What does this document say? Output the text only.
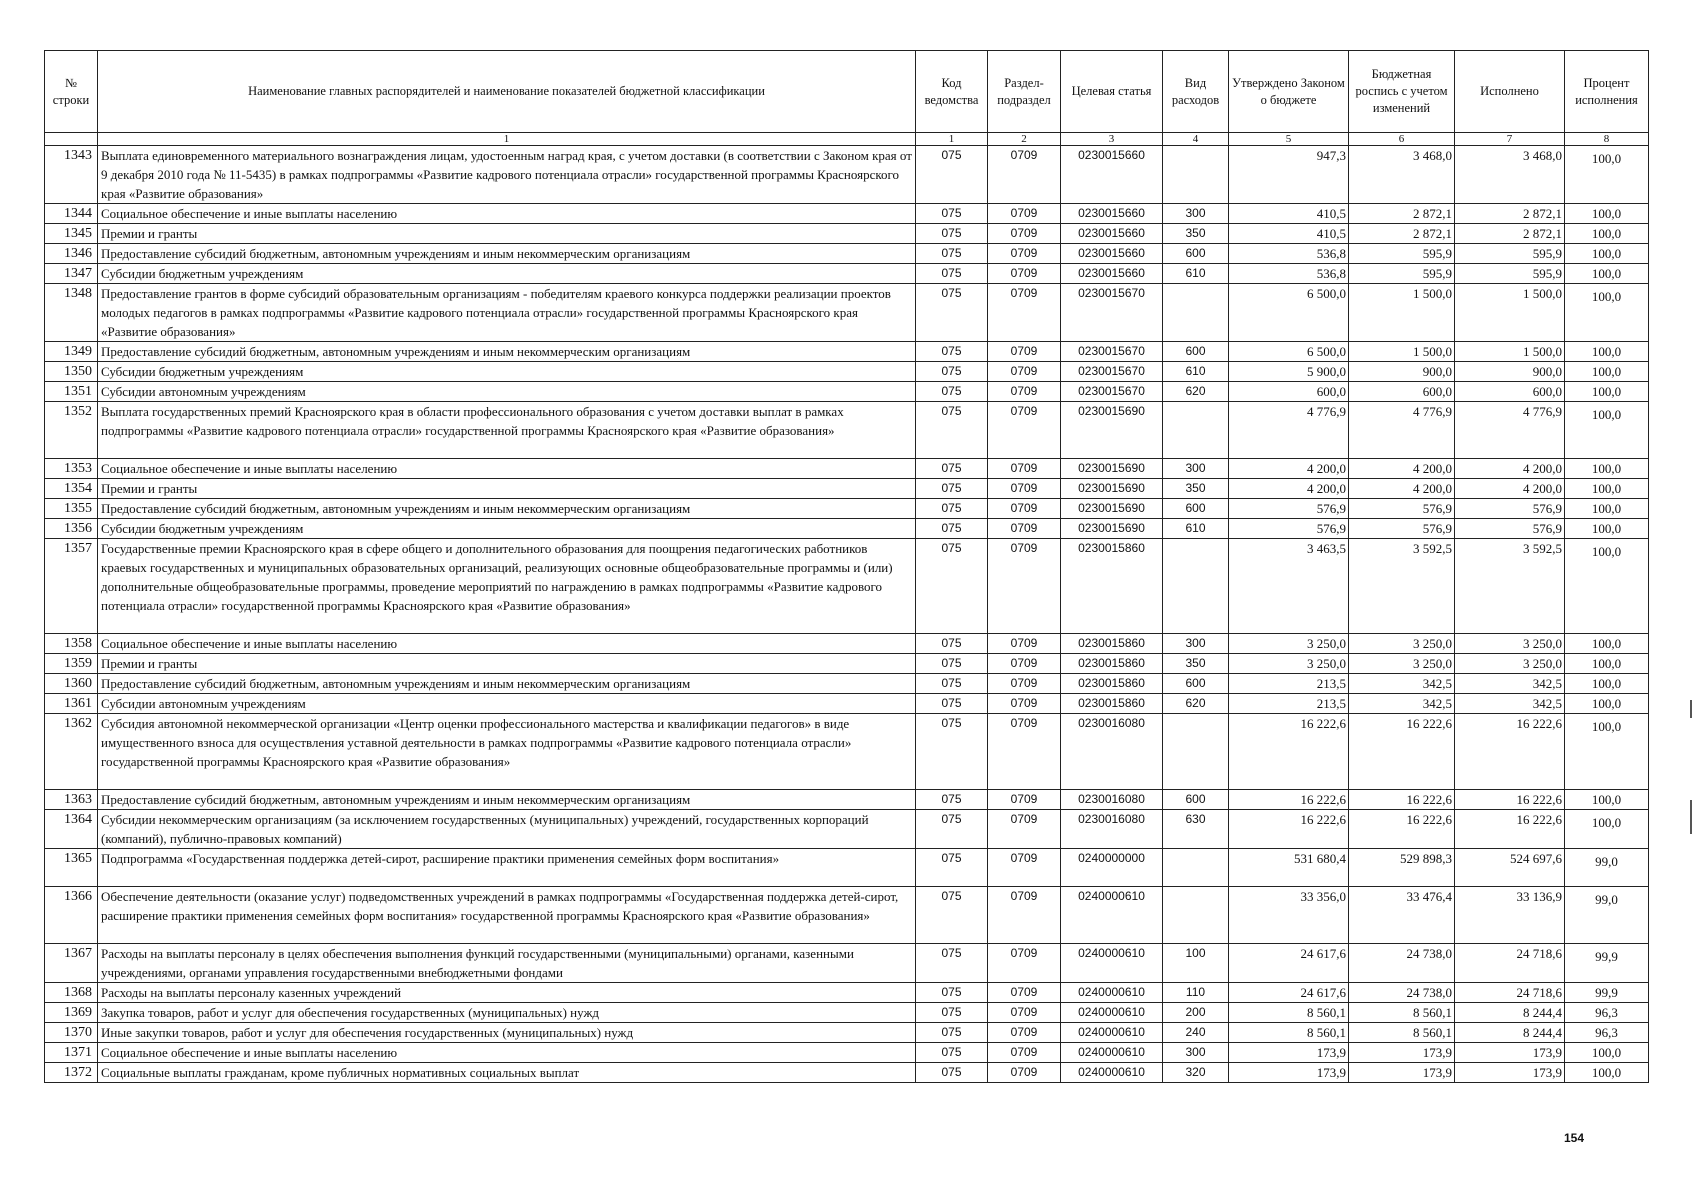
№ строки	Наименование главных распорядителей и наименование показателей бюджетной классификации	Код ведомства	Раздел-подраздел	Целевая статья	Вид расходов	Утверждено Законом о бюджете	Бюджетная роспись с учетом изменений	Исполнено	Процент исполнения
	1	1	2	3	4	5	6	7	8
1343	Выплата единовременного материального вознаграждения лицам, удостоенным наград края, с учетом доставки (в соответствии с Законом края от 9 декабря 2010 года № 11-5435) в рамках подпрограммы «Развитие кадрового потенциала отрасли» государственной программы Красноярского края «Развитие образования»	075	0709	0230015660		947,3	3 468,0	3 468,0	100,0
1344	Социальное обеспечение и иные выплаты населению	075	0709	0230015660	300	410,5	2 872,1	2 872,1	100,0
1345	Премии и гранты	075	0709	0230015660	350	410,5	2 872,1	2 872,1	100,0
1346	Предоставление субсидий бюджетным, автономным учреждениям и иным некоммерческим организациям	075	0709	0230015660	600	536,8	595,9	595,9	100,0
1347	Субсидии бюджетным учреждениям	075	0709	0230015660	610	536,8	595,9	595,9	100,0
1348	Предоставление грантов в форме субсидий образовательным организациям - победителям краевого конкурса поддержки реализации проектов молодых педагогов в рамках подпрограммы «Развитие кадрового потенциала отрасли» государственной программы Красноярского края «Развитие образования»	075	0709	0230015670		6 500,0	1 500,0	1 500,0	100,0
1349	Предоставление субсидий бюджетным, автономным учреждениям и иным некоммерческим организациям	075	0709	0230015670	600	6 500,0	1 500,0	1 500,0	100,0
1350	Субсидии бюджетным учреждениям	075	0709	0230015670	610	5 900,0	900,0	900,0	100,0
1351	Субсидии автономным учреждениям	075	0709	0230015670	620	600,0	600,0	600,0	100,0
1352	Выплата государственных премий Красноярского края в области профессионального образования с учетом доставки выплат в рамках подпрограммы «Развитие кадрового потенциала отрасли» государственной программы Красноярского края «Развитие образования»	075	0709	0230015690		4 776,9	4 776,9	4 776,9	100,0
1353	Социальное обеспечение и иные выплаты населению	075	0709	0230015690	300	4 200,0	4 200,0	4 200,0	100,0
1354	Премии и гранты	075	0709	0230015690	350	4 200,0	4 200,0	4 200,0	100,0
1355	Предоставление субсидий бюджетным, автономным учреждениям и иным некоммерческим организациям	075	0709	0230015690	600	576,9	576,9	576,9	100,0
1356	Субсидии бюджетным учреждениям	075	0709	0230015690	610	576,9	576,9	576,9	100,0
1357	Государственные премии Красноярского края в сфере общего и дополнительного образования для поощрения педагогических работников краевых государственных и муниципальных образовательных организаций, реализующих основные общеобразовательные программы и (или) дополнительные общеобразовательные программы, проведение мероприятий по награждению в рамках подпрограммы «Развитие кадрового потенциала отрасли» государственной программы Красноярского края «Развитие образования»	075	0709	0230015860		3 463,5	3 592,5	3 592,5	100,0
1358	Социальное обеспечение и иные выплаты населению	075	0709	0230015860	300	3 250,0	3 250,0	3 250,0	100,0
1359	Премии и гранты	075	0709	0230015860	350	3 250,0	3 250,0	3 250,0	100,0
1360	Предоставление субсидий бюджетным, автономным учреждениям и иным некоммерческим организациям	075	0709	0230015860	600	213,5	342,5	342,5	100,0
1361	Субсидии автономным учреждениям	075	0709	0230015860	620	213,5	342,5	342,5	100,0
1362	Субсидия автономной некоммерческой организации «Центр оценки профессионального мастерства и квалификации педагогов» в виде имущественного взноса для осуществления уставной деятельности в рамках подпрограммы «Развитие кадрового потенциала отрасли» государственной программы Красноярского края «Развитие образования»	075	0709	0230016080		16 222,6	16 222,6	16 222,6	100,0
1363	Предоставление субсидий бюджетным, автономным учреждениям и иным некоммерческим организациям	075	0709	0230016080	600	16 222,6	16 222,6	16 222,6	100,0
1364	Субсидии некоммерческим организациям (за исключением государственных (муниципальных) учреждений, государственных корпораций (компаний), публично-правовых компаний)	075	0709	0230016080	630	16 222,6	16 222,6	16 222,6	100,0
1365	Подпрограмма «Государственная поддержка детей-сирот, расширение практики применения семейных форм воспитания»	075	0709	0240000000		531 680,4	529 898,3	524 697,6	99,0
1366	Обеспечение деятельности (оказание услуг) подведомственных учреждений в рамках подпрограммы «Государственная поддержка детей-сирот, расширение практики применения семейных форм воспитания» государственной программы Красноярского края «Развитие образования»	075	0709	0240000610		33 356,0	33 476,4	33 136,9	99,0
1367	Расходы на выплаты персоналу в целях обеспечения выполнения функций государственными (муниципальными) органами, казенными учреждениями, органами управления государственными внебюджетными фондами	075	0709	0240000610	100	24 617,6	24 738,0	24 718,6	99,9
1368	Расходы на выплаты персоналу казенных учреждений	075	0709	0240000610	110	24 617,6	24 738,0	24 718,6	99,9
1369	Закупка товаров, работ и услуг для обеспечения государственных (муниципальных) нужд	075	0709	0240000610	200	8 560,1	8 560,1	8 244,4	96,3
1370	Иные закупки товаров, работ и услуг для обеспечения государственных (муниципальных) нужд	075	0709	0240000610	240	8 560,1	8 560,1	8 244,4	96,3
1371	Социальное обеспечение и иные выплаты населению	075	0709	0240000610	300	173,9	173,9	173,9	100,0
1372	Социальные выплаты гражданам, кроме публичных нормативных социальных выплат	075	0709	0240000610	320	173,9	173,9	173,9	100,0
154
